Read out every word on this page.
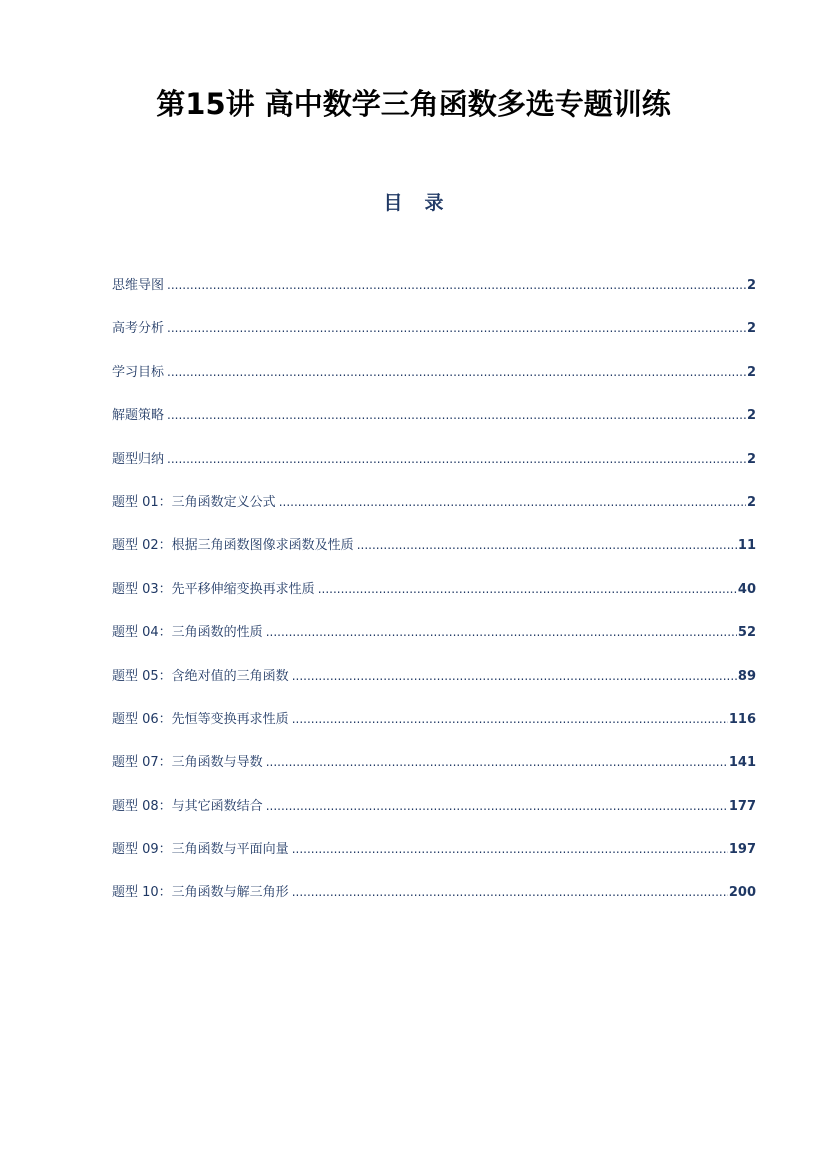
第15讲 高中数学三角函数多选专题训练
目 录
思维导图 .....	2
高考分析 .....	2
学习目标 .....	2
解题策略 .....	2
题型归纳 .....	2
题型 01：三角函数定义公式 .....	2
题型 02：根据三角函数图像求函数及性质 .....	11
题型 03：先平移伸缩变换再求性质 .....	40
题型 04：三角函数的性质 .....	52
题型 05：含绝对值的三角函数 .....	89
题型 06：先恒等变换再求性质 .....	116
题型 07：三角函数与导数 .....	141
题型 08：与其它函数结合 .....	177
题型 09：三角函数与平面向量 .....	197
题型 10：三角函数与解三角形 .....	200
